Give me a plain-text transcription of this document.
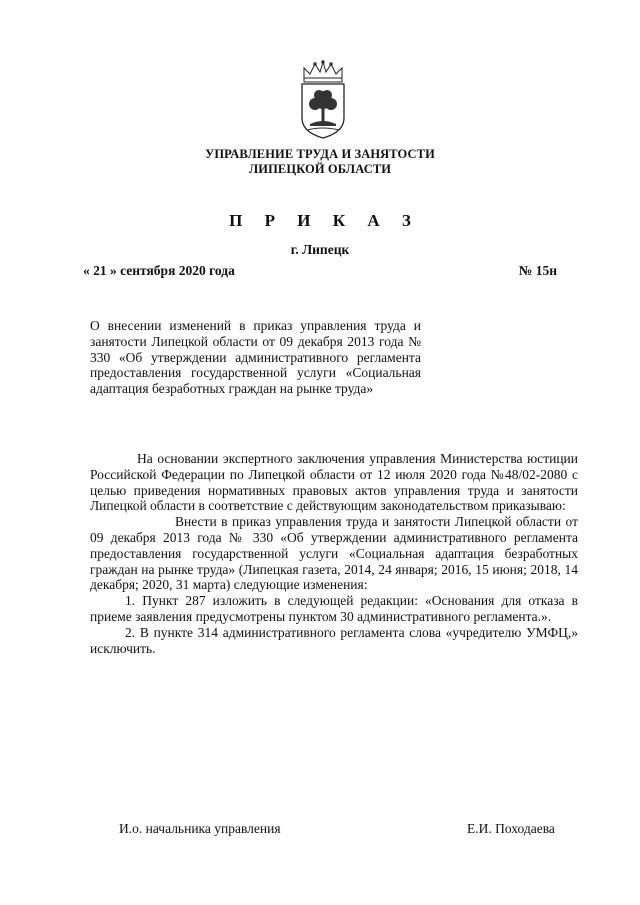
УПРАВЛЕНИЕ ТРУДА И ЗАНЯТОСТИ
ЛИПЕЦКОЙ ОБЛАСТИ
П Р И К А З
г. Липецк
« 21 » сентября 2020 года	№ 15н
О внесении изменений в приказ управления труда и занятости Липецкой области от 09 декабря 2013 года № 330 «Об утверждении административного регламента предоставления государственной услуги «Социальная адаптация безработных граждан на рынке труда»

На основании экспертного заключения управления Министерства юстиции Российской Федерации по Липецкой области от 12 июля 2020 года №48/02-2080 с целью приведения нормативных правовых актов управления труда и занятости Липецкой области в соответствие с действующим законодательством приказываю:

Внести в приказ управления труда и занятости Липецкой области от 09 декабря 2013 года № 330 «Об утверждении административного регламента предоставления государственной услуги «Социальная адаптация безработных граждан на рынке труда» (Липецкая газета, 2014, 24 января; 2016, 15 июня; 2018, 14 декабря; 2020, 31 марта) следующие изменения:

1. Пункт 287 изложить в следующей редакции: «Основания для отказа в приеме заявления предусмотрены пунктом 30 административного регламента.».

2. В пункте 314 административного регламента слова «учредителю УМФЦ,» исключить.

И.о. начальника управления	Е.И. Походаева
